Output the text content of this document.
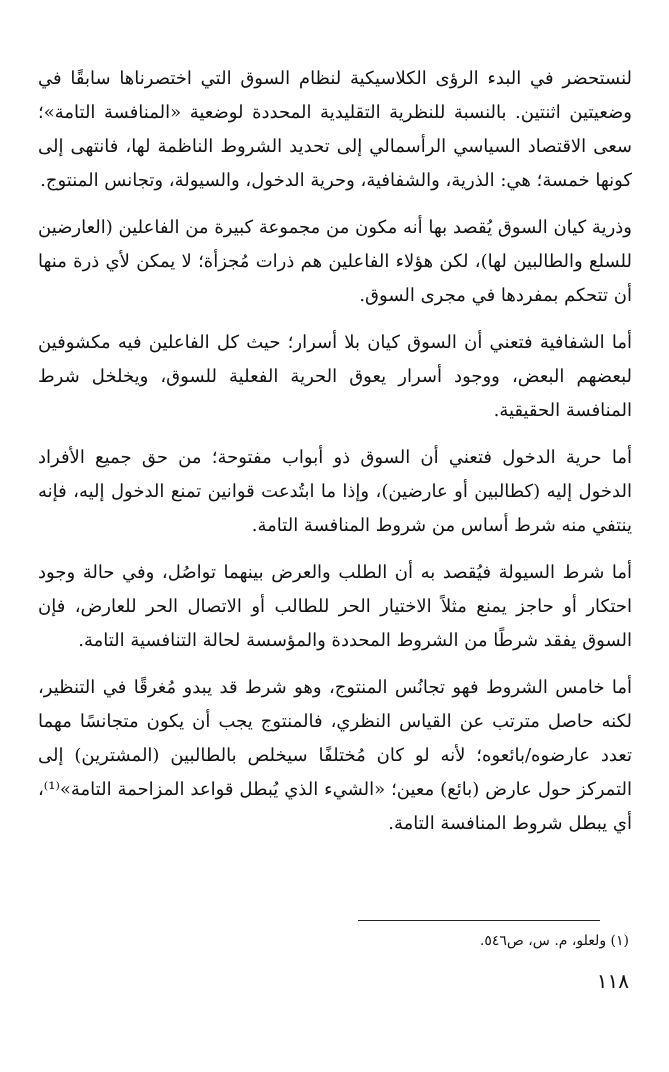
لنستحضر في البدء الرؤى الكلاسيكية لنظام السوق التي اختصرناها سابقًا في وضعيتين اثنتين. بالنسبة للنظرية التقليدية المحددة لوضعية «المنافسة التامة»؛ سعى الاقتصاد السياسي الرأسمالي إلى تحديد الشروط الناظمة لها، فانتهى إلى كونها خمسة؛ هي: الذرية، والشفافية، وحرية الدخول، والسيولة، وتجانس المنتوج.

وذرية كيان السوق يُقصد بها أنه مكون من مجموعة كبيرة من الفاعلين (العارضين للسلع والطالبين لها)، لكن هؤلاء الفاعلين هم ذرات مُجزأة؛ لا يمكن لأي ذرة منها أن تتحكم بمفردها في مجرى السوق.

أما الشفافية فتعني أن السوق كيان بلا أسرار؛ حيث كل الفاعلين فيه مكشوفين لبعضهم البعض، ووجود أسرار يعوق الحرية الفعلية للسوق، ويخلخل شرط المنافسة الحقيقية.

أما حرية الدخول فتعني أن السوق ذو أبواب مفتوحة؛ من حق جميع الأفراد الدخول إليه (كطالبين أو عارضين)، وإذا ما ابتُدعت قوانين تمنع الدخول إليه، فإنه ينتفي منه شرط أساس من شروط المنافسة التامة.

أما شرط السيولة فيُقصد به أن الطلب والعرض بينهما تواصُل، وفي حالة وجود احتكار أو حاجز يمنع مثلاً الاختيار الحر للطالب أو الاتصال الحر للعارض، فإن السوق يفقد شرطًا من الشروط المحددة والمؤسسة لحالة التنافسية التامة.

أما خامس الشروط فهو تجانُس المنتوج، وهو شرط قد يبدو مُغرقًا في التنظير، لكنه حاصل مترتب عن القياس النظري، فالمنتوج يجب أن يكون متجانسًا مهما تعدد عارضوه/بائعوه؛ لأنه لو كان مُختلفًا سيخلص بالطالبين (المشترين) إلى التمركز حول عارض (بائع) معين؛ «الشيء الذي يُبطل قواعد المزاحمة التامة»⁽¹⁾، أي يبطل شروط المنافسة التامة.

(١) ولعلو، م. س، ص٥٤٦.
١١٨
